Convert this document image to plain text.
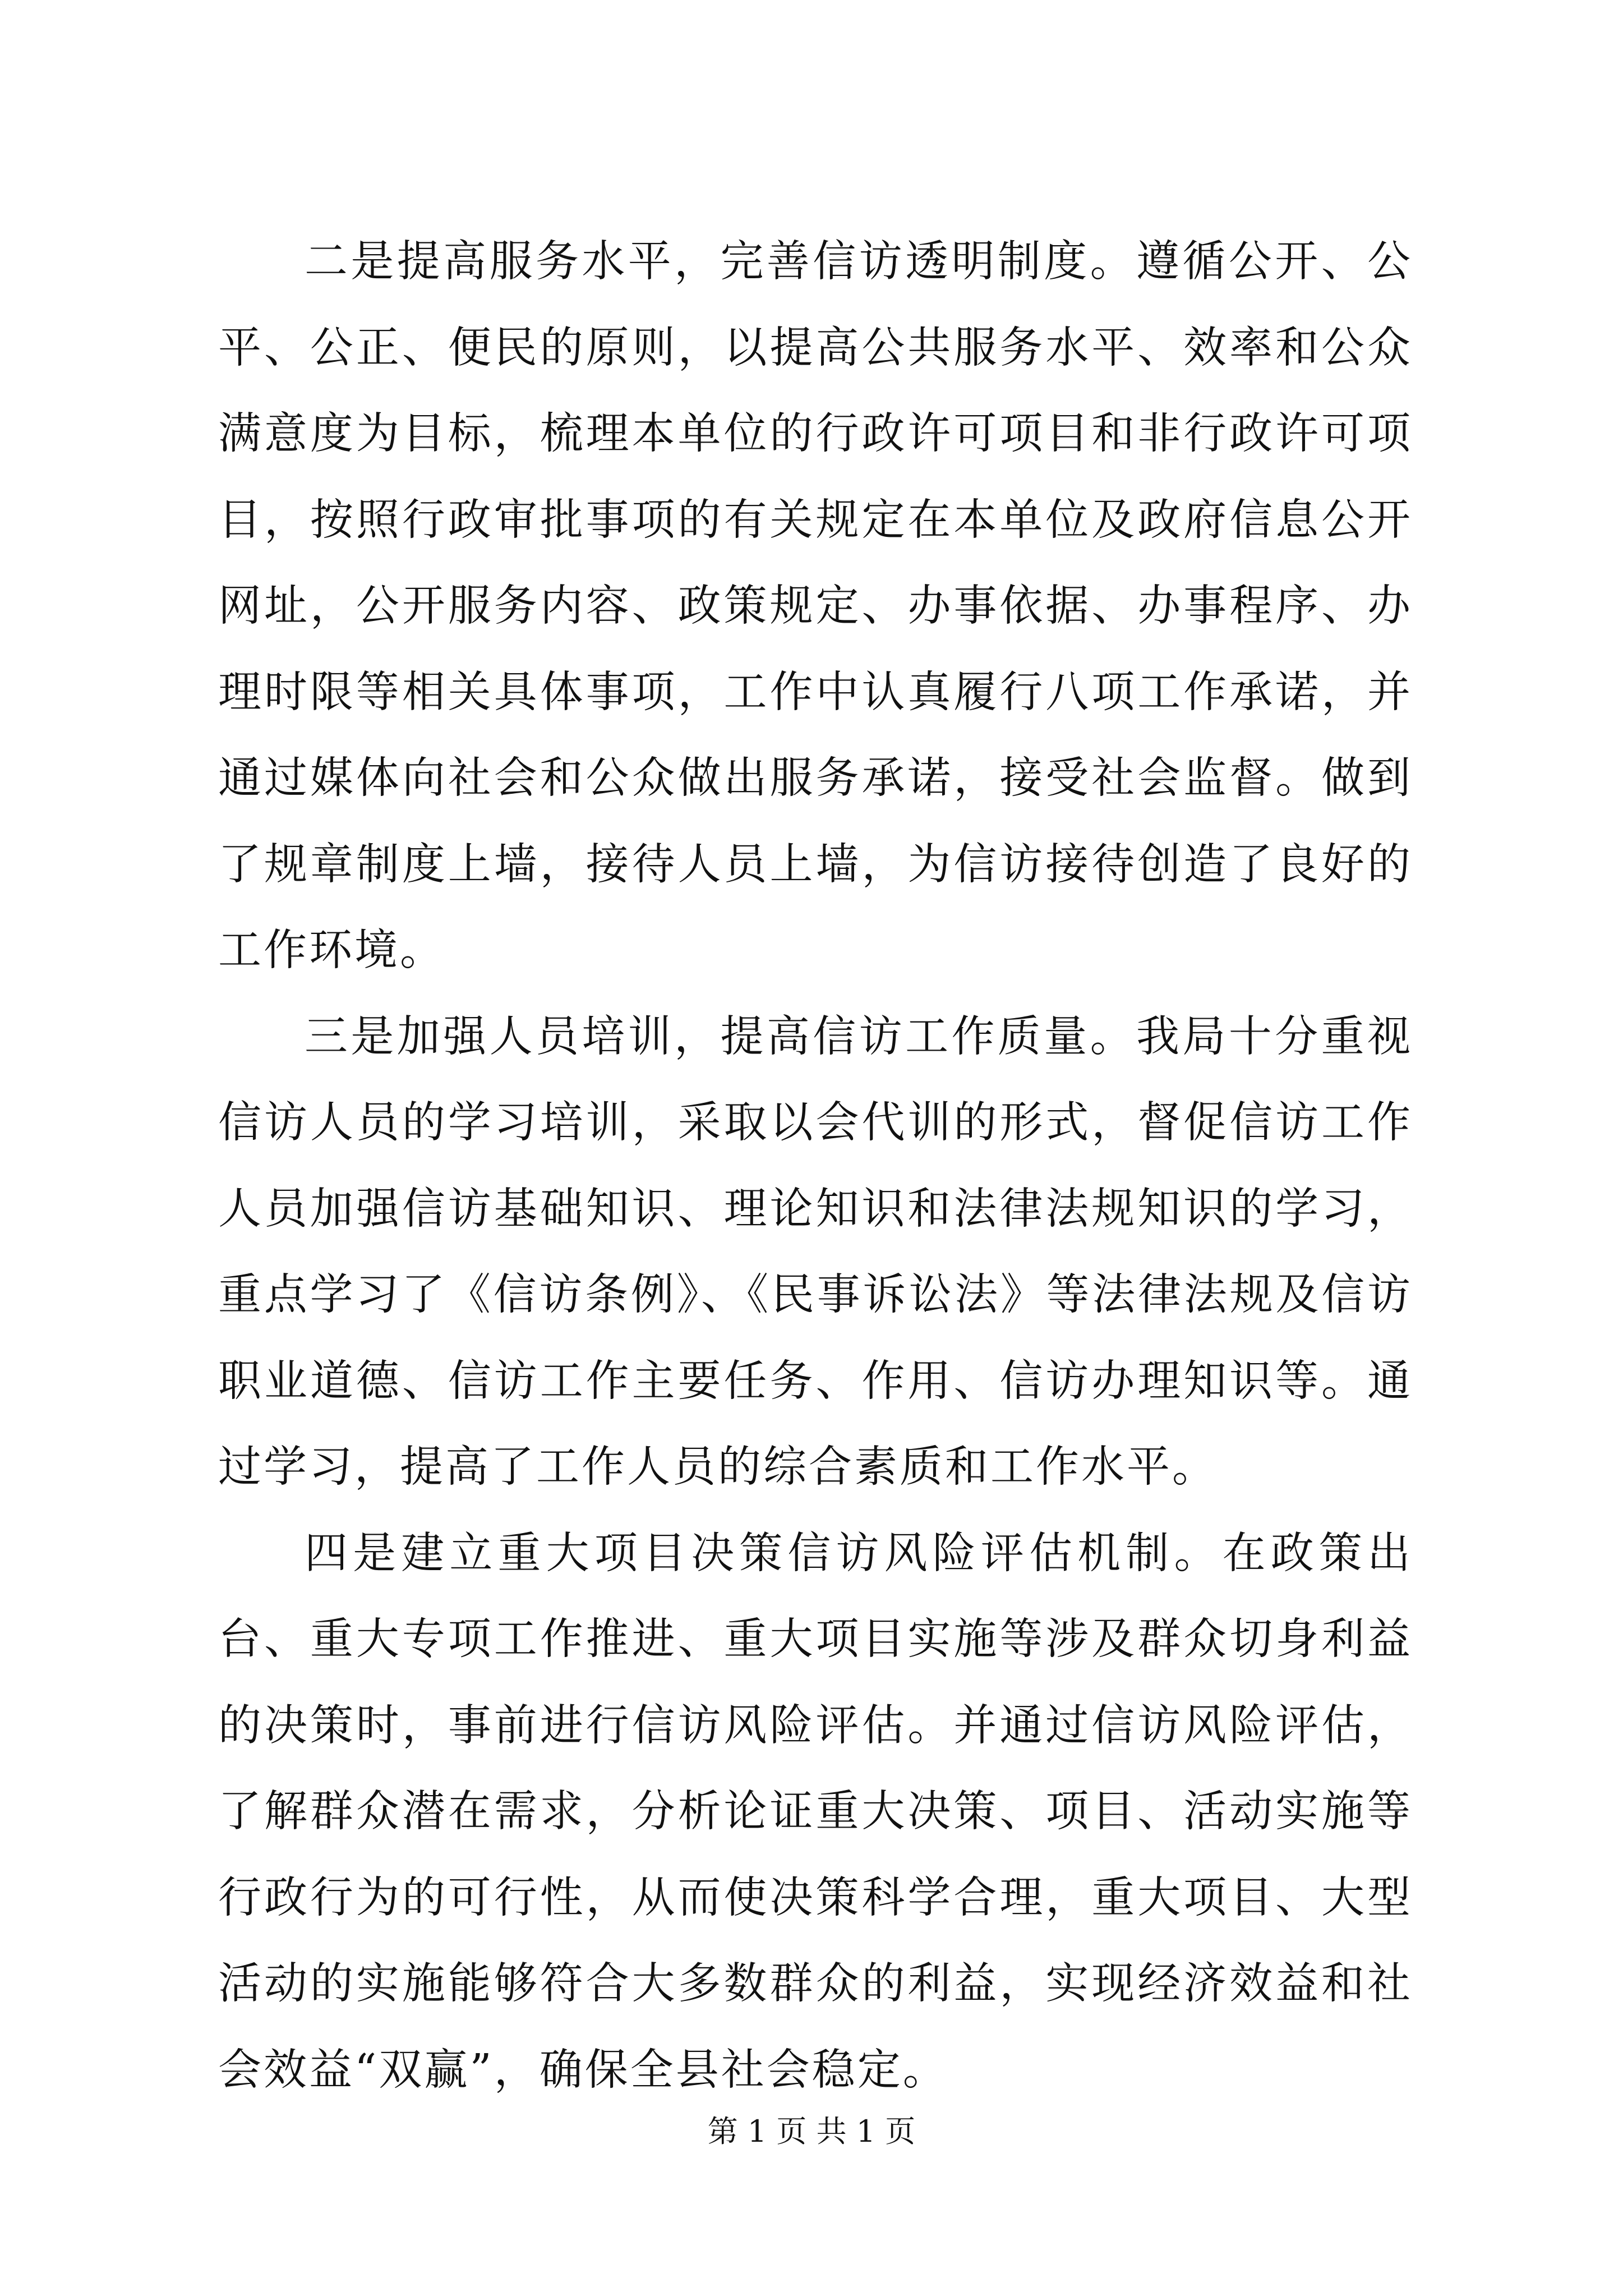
二是提高服务水平，完善信访透明制度。遵循公开、公平、公正、便民的原则，以提高公共服务水平、效率和公众满意度为目标，梳理本单位的行政许可项目和非行政许可项目，按照行政审批事项的有关规定在本单位及政府信息公开网址，公开服务内容、政策规定、办事依据、办事程序、办理时限等相关具体事项，工作中认真履行八项工作承诺，并通过媒体向社会和公众做出服务承诺，接受社会监督。做到了规章制度上墙，接待人员上墙，为信访接待创造了良好的工作环境。

三是加强人员培训，提高信访工作质量。我局十分重视信访人员的学习培训，采取以会代训的形式，督促信访工作人员加强信访基础知识、理论知识和法律法规知识的学习，重点学习了《信访条例》、《民事诉讼法》等法律法规及信访职业道德、信访工作主要任务、作用、信访办理知识等。通过学习，提高了工作人员的综合素质和工作水平。

四是建立重大项目决策信访风险评估机制。在政策出台、重大专项工作推进、重大项目实施等涉及群众切身利益的决策时，事前进行信访风险评估。并通过信访风险评估，了解群众潜在需求，分析论证重大决策、项目、活动实施等行政行为的可行性，从而使决策科学合理，重大项目、大型活动的实施能够符合大多数群众的利益，实现经济效益和社会效益“双赢”，确保全县社会稳定。

第 1 页 共 1 页
